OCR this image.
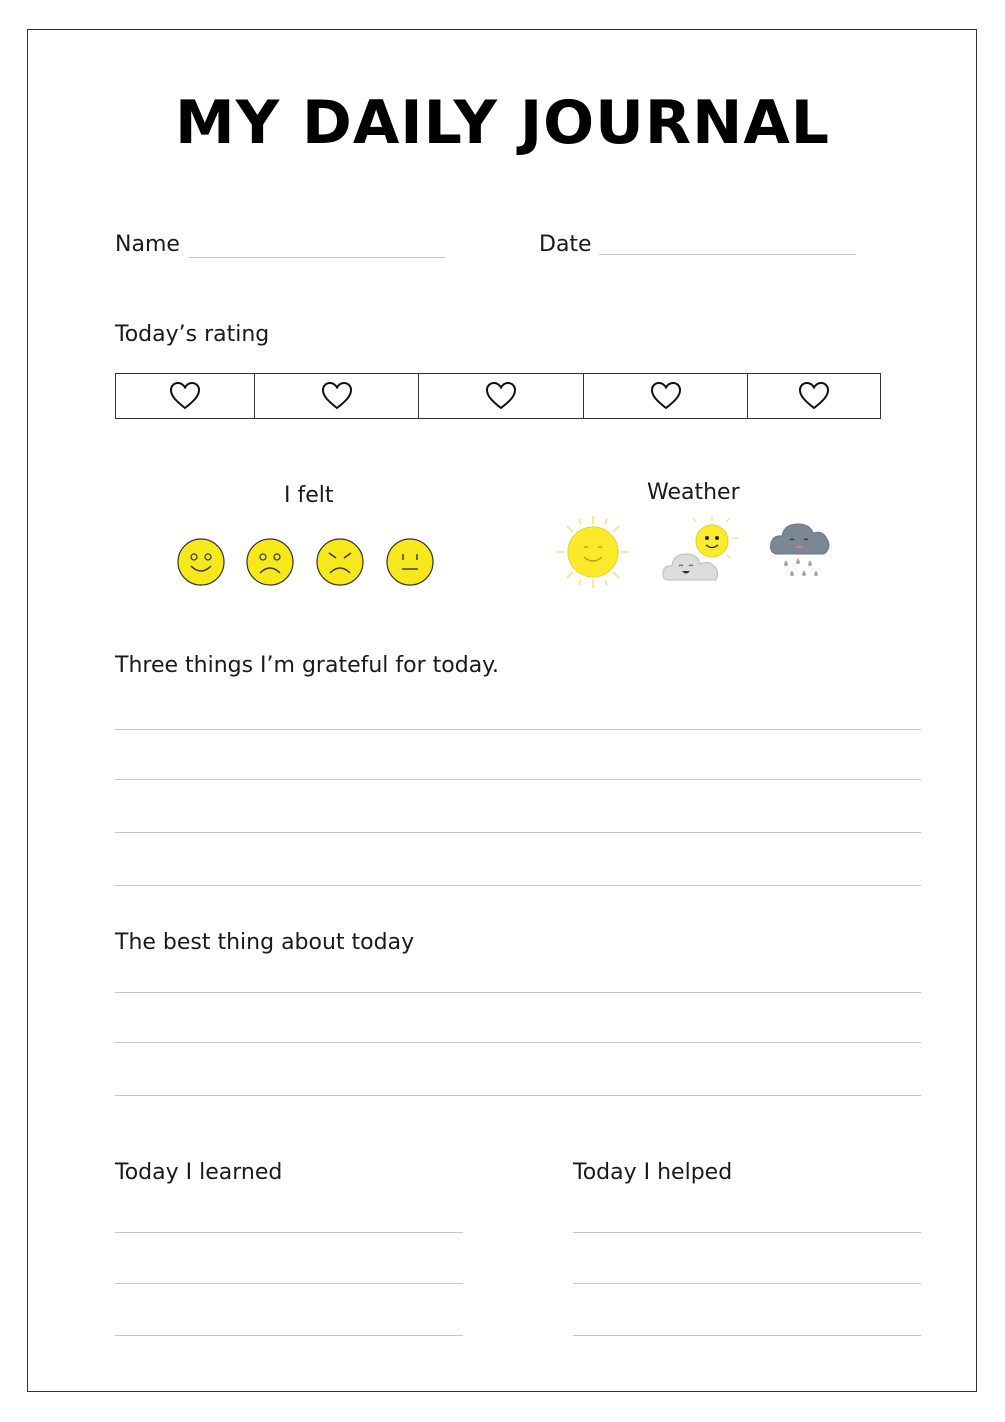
MY DAILY JOURNAL
Name	Date
Today’s rating
I felt	Weather
Three things I’m grateful for today.
The best thing about today
Today I learned	Today I helped
